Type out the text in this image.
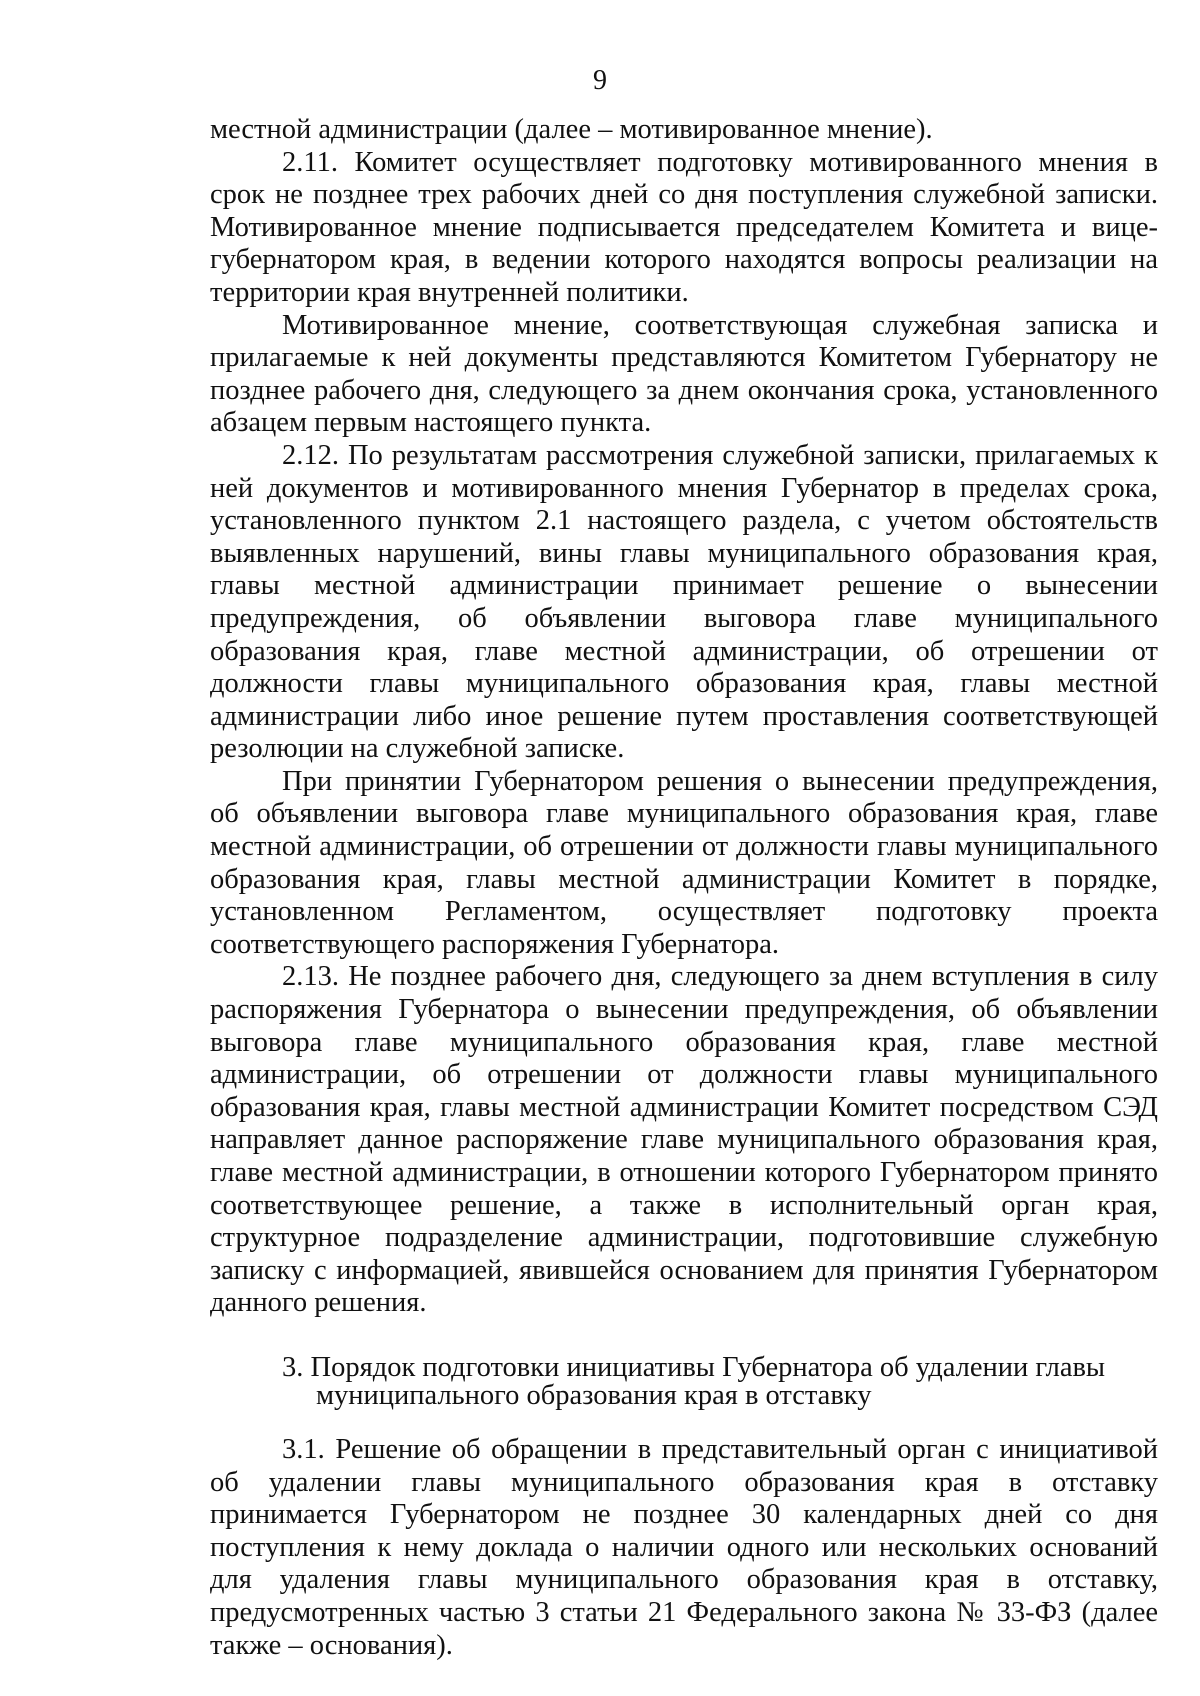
9

местной администрации (далее – мотивированное мнение).

2.11. Комитет осуществляет подготовку мотивированного мнения в срок не позднее трех рабочих дней со дня поступления служебной записки. Мотивированное мнение подписывается председателем Комитета и вице-губернатором края, в ведении которого находятся вопросы реализации на территории края внутренней политики.

Мотивированное мнение, соответствующая служебная записка и прилагаемые к ней документы представляются Комитетом Губернатору не позднее рабочего дня, следующего за днем окончания срока, установленного абзацем первым настоящего пункта.

2.12. По результатам рассмотрения служебной записки, прилагаемых к ней документов и мотивированного мнения Губернатор в пределах срока, установленного пунктом 2.1 настоящего раздела, с учетом обстоятельств выявленных нарушений, вины главы муниципального образования края, главы местной администрации принимает решение о вынесении предупреждения, об объявлении выговора главе муниципального образования края, главе местной администрации, об отрешении от должности главы муниципального образования края, главы местной администрации либо иное решение путем проставления соответствующей резолюции на служебной записке.

При принятии Губернатором решения о вынесении предупреждения, об объявлении выговора главе муниципального образования края, главе местной администрации, об отрешении от должности главы муниципального образования края, главы местной администрации Комитет в порядке, установленном Регламентом, осуществляет подготовку проекта соответствующего распоряжения Губернатора.

2.13. Не позднее рабочего дня, следующего за днем вступления в силу распоряжения Губернатора о вынесении предупреждения, об объявлении выговора главе муниципального образования края, главе местной администрации, об отрешении от должности главы муниципального образования края, главы местной администрации Комитет посредством СЭД направляет данное распоряжение главе муниципального образования края, главе местной администрации, в отношении которого Губернатором принято соответствующее решение, а также в исполнительный орган края, структурное подразделение администрации, подготовившие служебную записку с информацией, явившейся основанием для принятия Губернатором данного решения.

3. Порядок подготовки инициативы Губернатора об удалении главы
муниципального образования края в отставку

3.1. Решение об обращении в представительный орган с инициативой об удалении главы муниципального образования края в отставку принимается Губернатором не позднее 30 календарных дней со дня поступления к нему доклада о наличии одного или нескольких оснований для удаления главы муниципального образования края в отставку, предусмотренных частью 3 статьи 21 Федерального закона № 33-ФЗ (далее также – основания).
